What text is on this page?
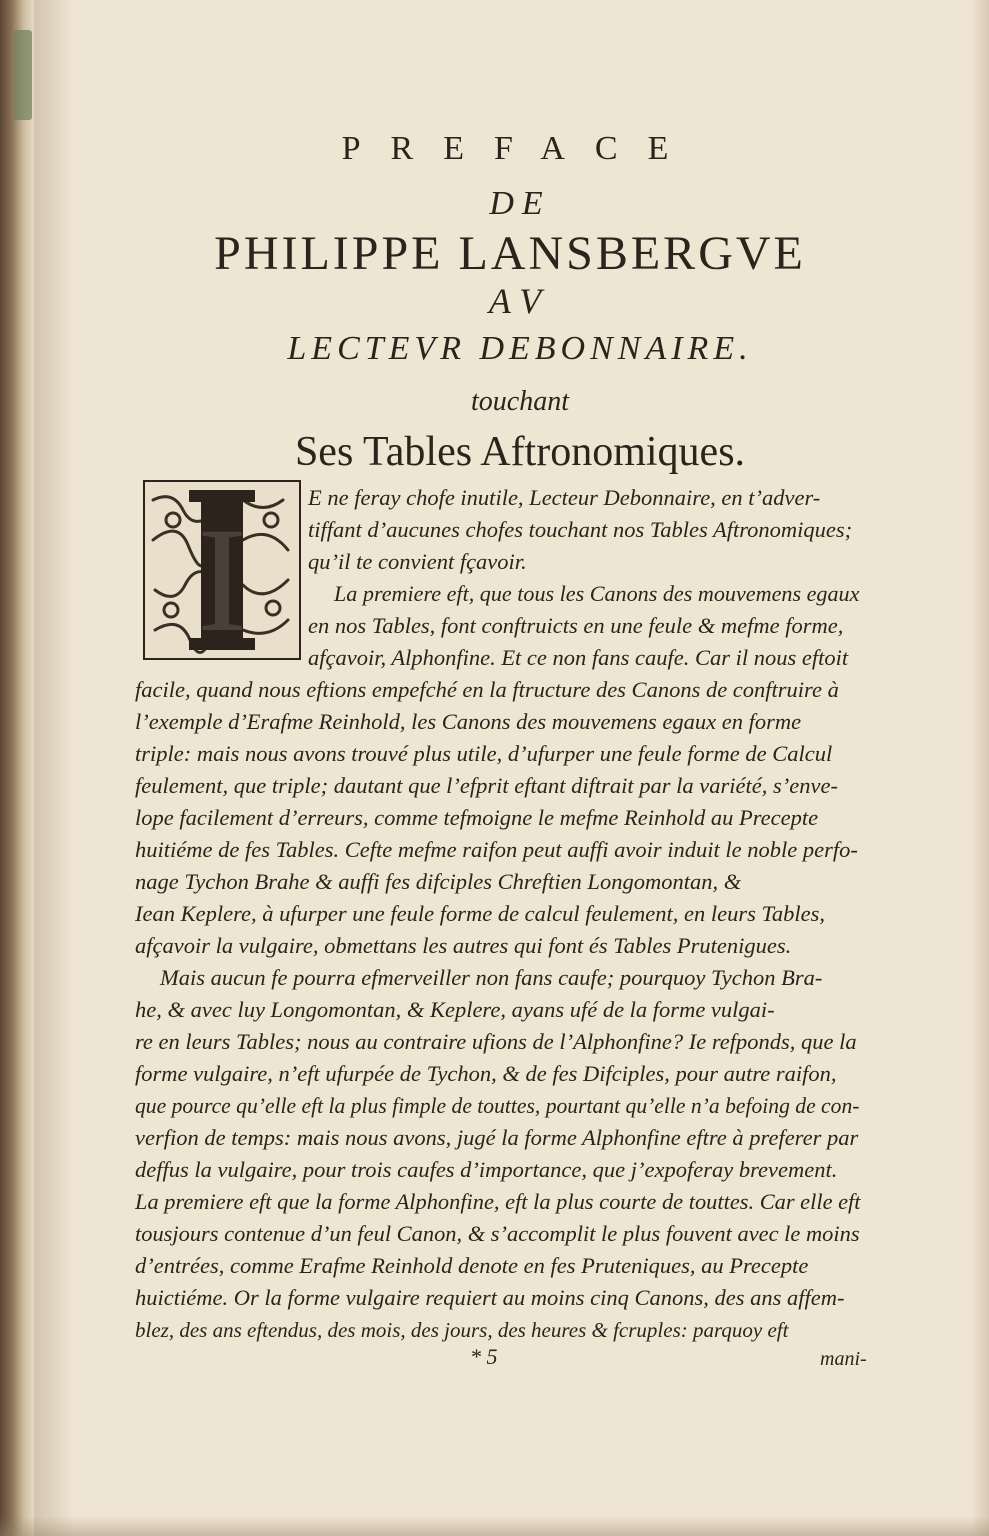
PREFACE
DE
PHILIPPE LANSBERGVE
AV
LECTEVR DEBONNAIRE.
touchant
Ses Tables Aftronomiques.
I	E ne feray chofe inutile, Lecteur Debonnaire, en t’adver-
tiffant d’aucunes chofes touchant nos Tables Aftronomiques;
qu’il te convient fçavoir.
La premiere eft, que tous les Canons des mouvemens egaux
en nos Tables, font conftruicts en une feule & mefme forme,
afçavoir, Alphonfine. Et ce non fans caufe. Car il nous eftoit
facile, quand nous eftions empefché en la ftructure des Canons de conftruire à
l’exemple d’Erafme Reinhold, les Canons des mouvemens egaux en forme
triple: mais nous avons trouvé plus utile, d’ufurper une feule forme de Calcul
feulement, que triple; dautant que l’efprit eftant diftrait par la variété, s’enve-
lope facilement d’erreurs, comme tefmoigne le mefme Reinhold au Precepte
huitiéme de fes Tables. Cefte mefme raifon peut auffi avoir induit le noble perfo-
nage Tychon Brahe & auffi fes difciples Chreftien Longomontan, &
Iean Keplere, à ufurper une feule forme de calcul feulement, en leurs Tables,
afçavoir la vulgaire, obmettans les autres qui font és Tables Prutenigues.
Mais aucun fe pourra efmerveiller non fans caufe; pourquoy Tychon Bra-
he, & avec luy Longomontan, & Keplere, ayans ufé de la forme vulgai-
re en leurs Tables; nous au contraire ufions de l’Alphonfine? Ie refponds, que la
forme vulgaire, n’eft ufurpée de Tychon, & de fes Difciples, pour autre raifon,
que pource qu’elle eft la plus fimple de touttes, pourtant qu’elle n’a befoing de con-
verfion de temps: mais nous avons, jugé la forme Alphonfine eftre à preferer par
deffus la vulgaire, pour trois caufes d’importance, que j’expoferay brevement.
La premiere eft que la forme Alphonfine, eft la plus courte de touttes. Car elle eft
tousjours contenue d’un feul Canon, & s’accomplit le plus fouvent avec le moins
d’entrées, comme Erafme Reinhold denote en fes Pruteniques, au Precepte
huictiéme. Or la forme vulgaire requiert au moins cinq Canons, des ans affem-
blez, des ans eftendus, des mois, des jours, des heures & fcruples: parquoy eft
* 5	mani-
